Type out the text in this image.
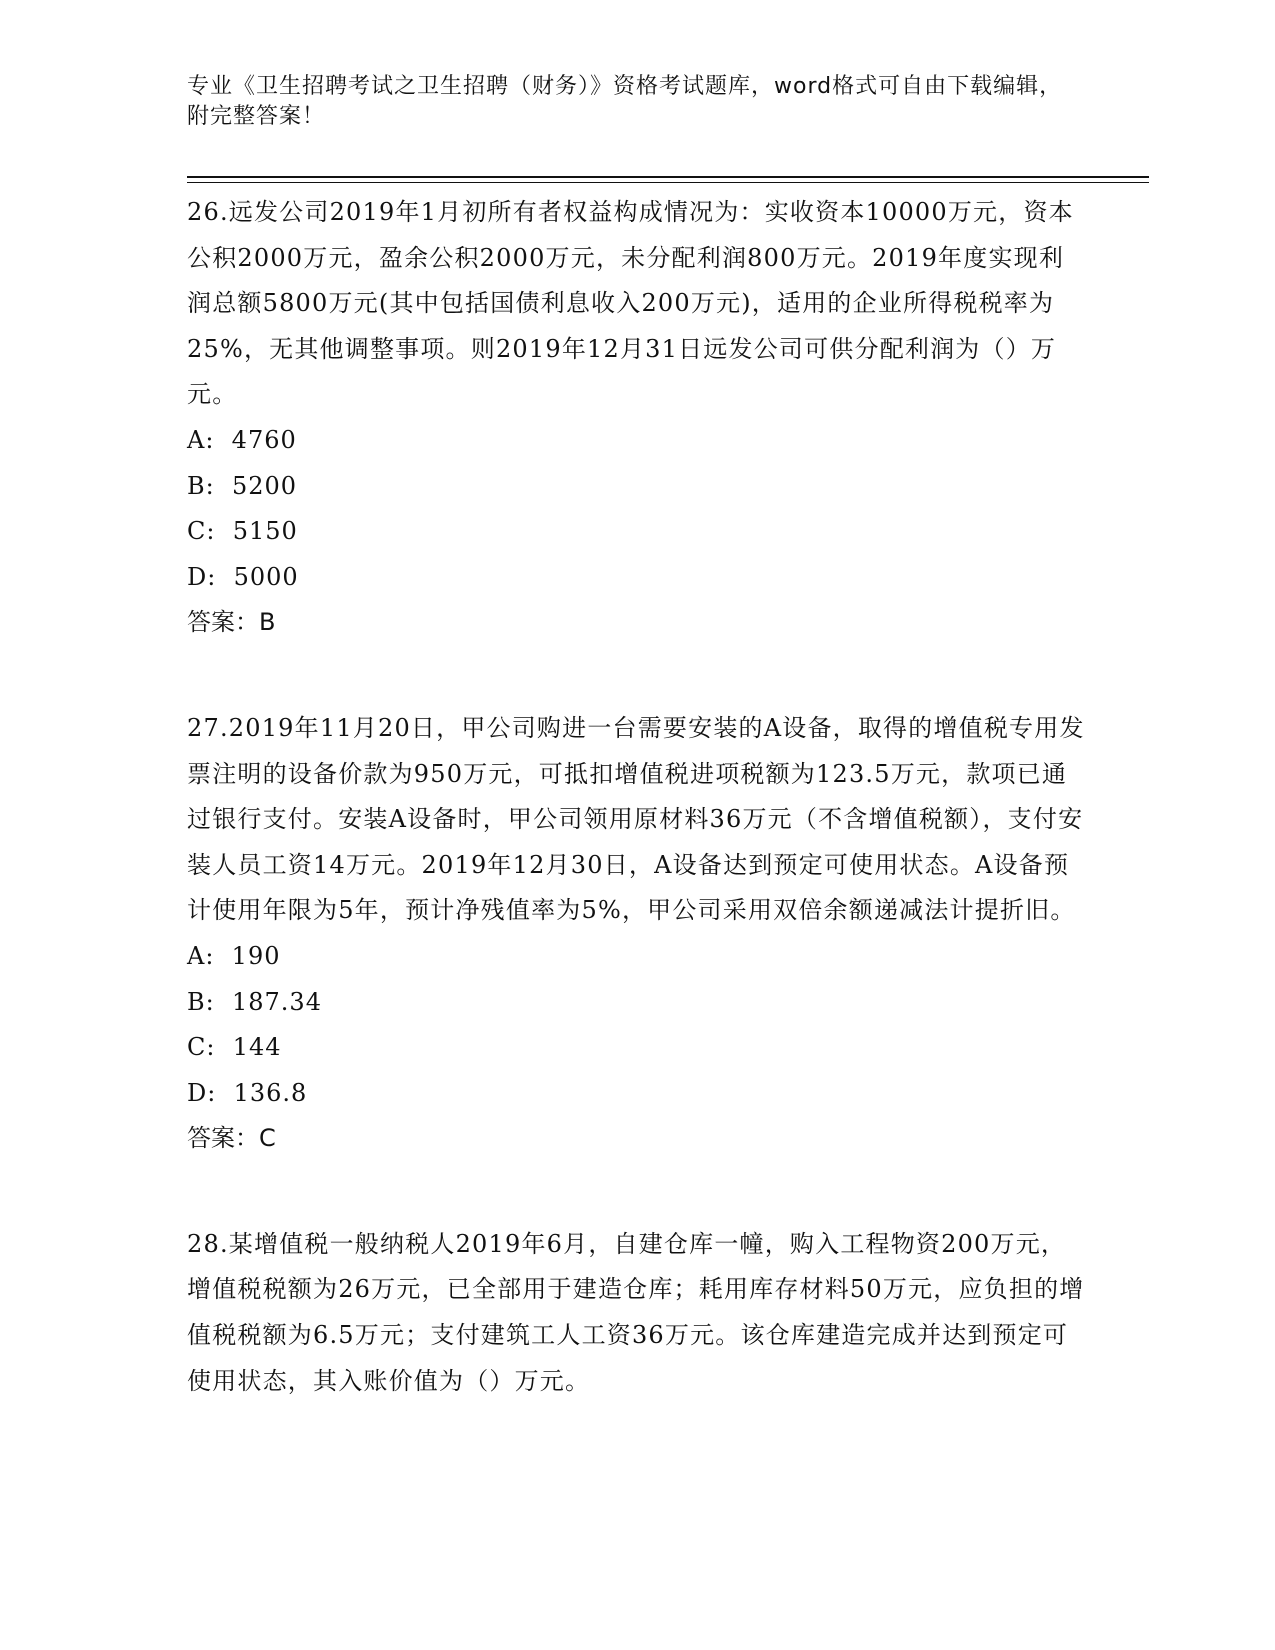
专业《卫生招聘考试之卫生招聘（财务）》资格考试题库，word格式可自由下载编辑，附完整答案！

26.远发公司2019年1月初所有者权益构成情况为：实收资本10000万元，资本公积2000万元，盈余公积2000万元，未分配利润800万元。2019年度实现利润总额5800万元(其中包括国债利息收入200万元)，适用的企业所得税税率为25%，无其他调整事项。则2019年12月31日远发公司可供分配利润为（）万元。

A:  4760

B:  5200

C:  5150

D:  5000

答案：B

27.2019年11月20日，甲公司购进一台需要安装的A设备，取得的增值税专用发票注明的设备价款为950万元，可抵扣增值税进项税额为123.5万元，款项已通过银行支付。安装A设备时，甲公司领用原材料36万元（不含增值税额），支付安装人员工资14万元。2019年12月30日，A设备达到预定可使用状态。A设备预计使用年限为5年，预计净残值率为5%，甲公司采用双倍余额递减法计提折旧。

A:  190

B:  187.34

C:  144

D:  136.8

答案：C

28.某增值税一般纳税人2019年6月，自建仓库一幢，购入工程物资200万元，增值税税额为26万元，已全部用于建造仓库；耗用库存材料50万元，应负担的增值税税额为6.5万元；支付建筑工人工资36万元。该仓库建造完成并达到预定可使用状态，其入账价值为（）万元。
